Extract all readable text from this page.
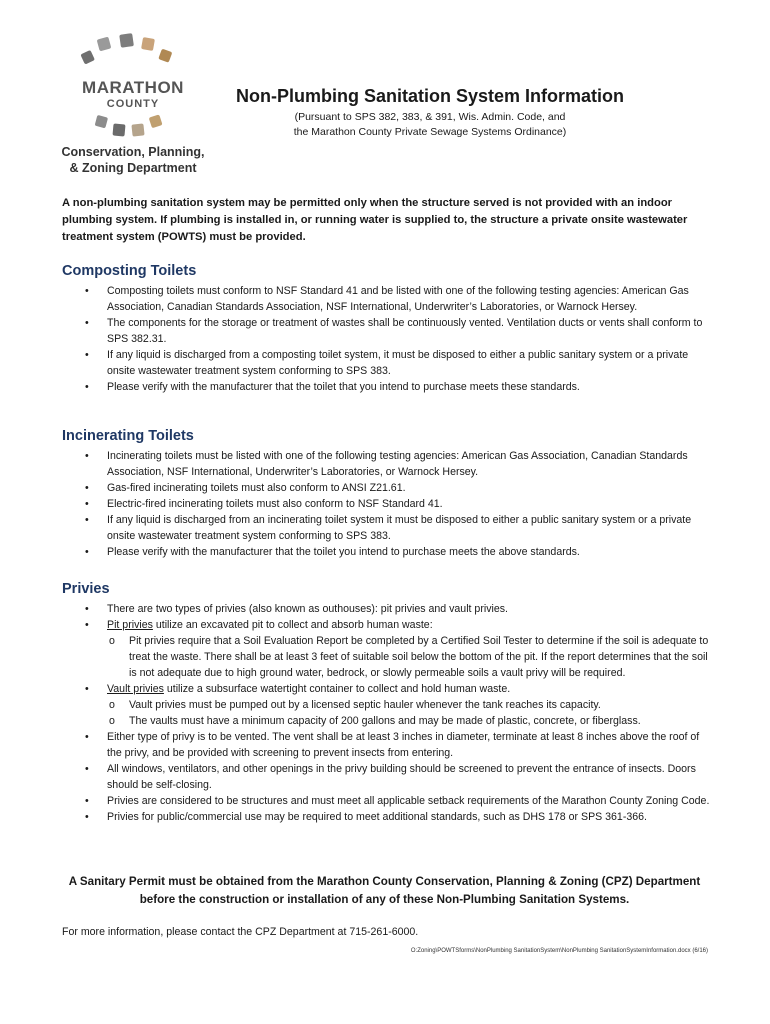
MARATHON
COUNTY
Conservation, Planning,
& Zoning Department
Non-Plumbing Sanitation System Information
(Pursuant to SPS 382, 383, & 391, Wis. Admin. Code, and
the Marathon County Private Sewage Systems Ordinance)
A non-plumbing sanitation system may be permitted only when the structure served is not provided with an indoor plumbing system. If plumbing is installed in, or running water is supplied to, the structure a private onsite wastewater treatment system (POWTS) must be provided.
Composting Toilets
• Composting toilets must conform to NSF Standard 41 and be listed with one of the following testing agencies: American Gas Association, Canadian Standards Association, NSF International, Underwriter’s Laboratories, or Warnock Hersey.
• The components for the storage or treatment of wastes shall be continuously vented. Ventilation ducts or vents shall conform to SPS 382.31.
• If any liquid is discharged from a composting toilet system, it must be disposed to either a public sanitary system or a private onsite wastewater treatment system conforming to SPS 383.
• Please verify with the manufacturer that the toilet that you intend to purchase meets these standards.
Incinerating Toilets
• Incinerating toilets must be listed with one of the following testing agencies: American Gas Association, Canadian Standards Association, NSF International, Underwriter’s Laboratories, or Warnock Hersey.
• Gas-fired incinerating toilets must also conform to ANSI Z21.61.
• Electric-fired incinerating toilets must also conform to NSF Standard 41.
• If any liquid is discharged from an incinerating toilet system it must be disposed to either a public sanitary system or a private onsite wastewater treatment system conforming to SPS 383.
• Please verify with the manufacturer that the toilet you intend to purchase meets the above standards.
Privies
• There are two types of privies (also known as outhouses): pit privies and vault privies.
• Pit privies utilize an excavated pit to collect and absorb human waste:
o Pit privies require that a Soil Evaluation Report be completed by a Certified Soil Tester to determine if the soil is adequate to treat the waste. There shall be at least 3 feet of suitable soil below the bottom of the pit. If the report determines that the soil is not adequate due to high ground water, bedrock, or slowly permeable soils a vault privy will be required.
• Vault privies utilize a subsurface watertight container to collect and hold human waste.
o Vault privies must be pumped out by a licensed septic hauler whenever the tank reaches its capacity.
o The vaults must have a minimum capacity of 200 gallons and may be made of plastic, concrete, or fiberglass.
• Either type of privy is to be vented. The vent shall be at least 3 inches in diameter, terminate at least 8 inches above the roof of the privy, and be provided with screening to prevent insects from entering.
• All windows, ventilators, and other openings in the privy building should be screened to prevent the entrance of insects. Doors should be self-closing.
• Privies are considered to be structures and must meet all applicable setback requirements of the Marathon County Zoning Code.
• Privies for public/commercial use may be required to meet additional standards, such as DHS 178 or SPS 361-366.
A Sanitary Permit must be obtained from the Marathon County Conservation, Planning & Zoning (CPZ) Department before the construction or installation of any of these Non-Plumbing Sanitation Systems.
For more information, please contact the CPZ Department at 715-261-6000.
O:Zoning\POWTSforms\NonPlumbing SanitationSystem\NonPlumbing SanitationSystemInformation.docx (6/16)
